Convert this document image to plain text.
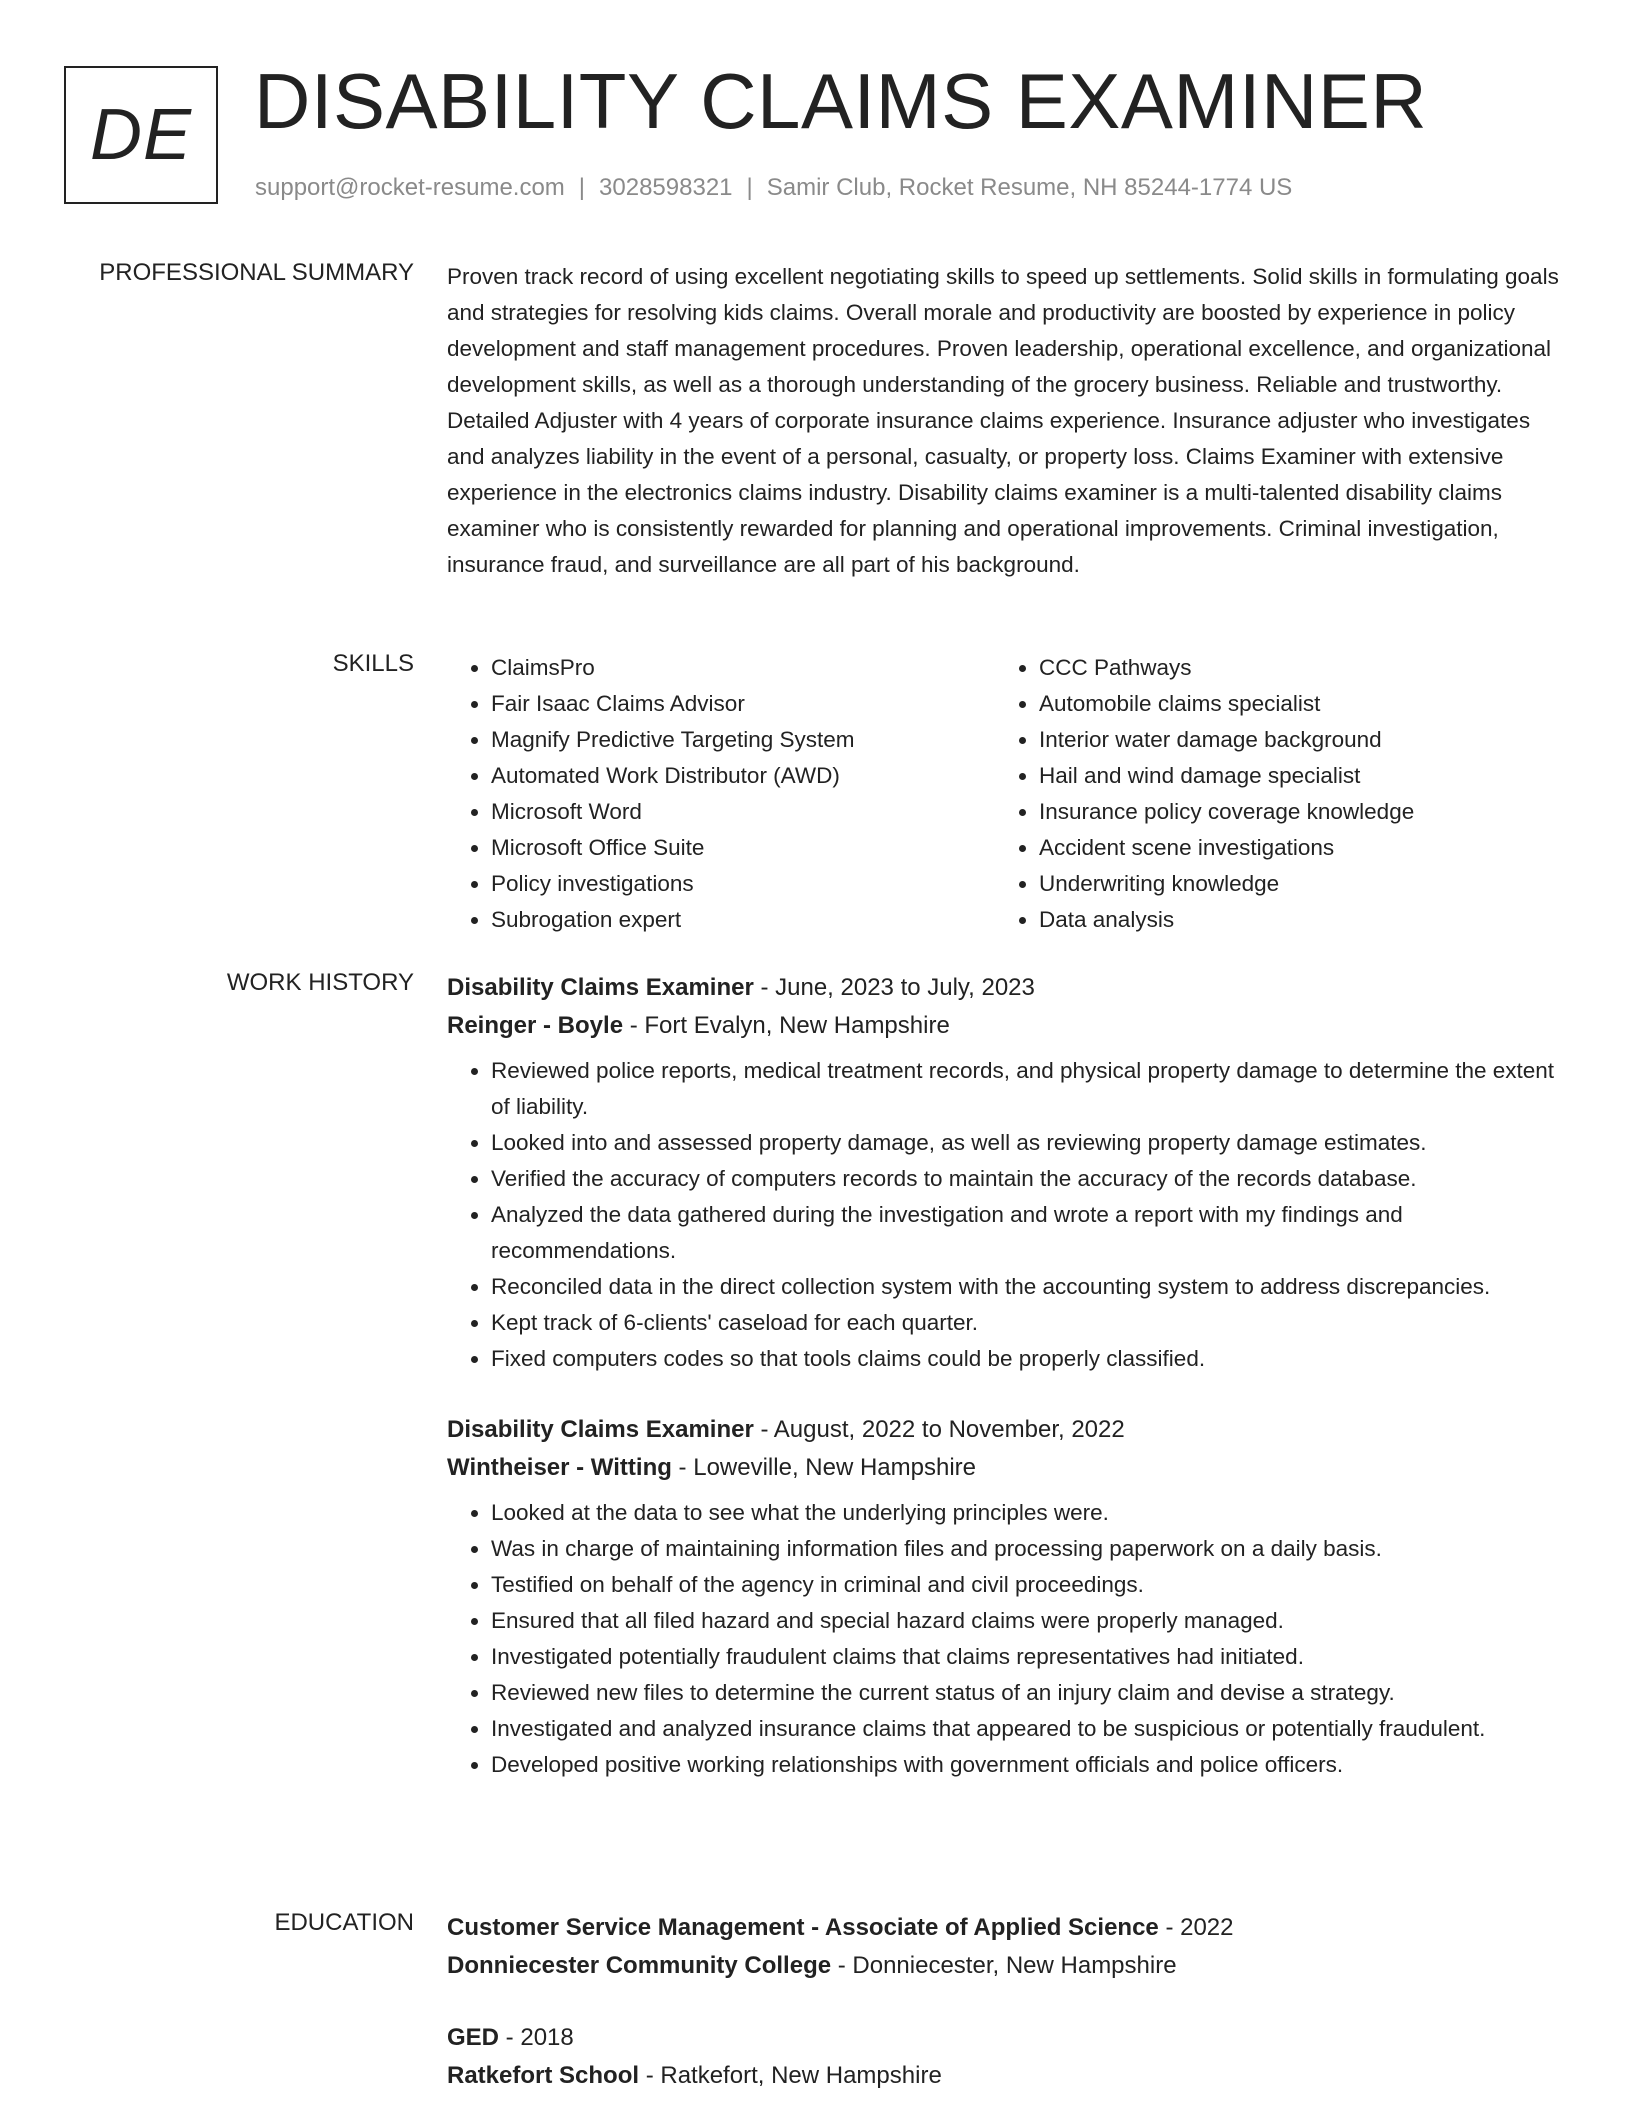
DE DISABILITY CLAIMS EXAMINER
support@rocket-resume.com | 3028598321 | Samir Club, Rocket Resume, NH 85244-1774 US
PROFESSIONAL SUMMARY Proven track record of using excellent negotiating skills to speed up settlements. Solid skills in formulating goals and strategies for resolving kids claims. Overall morale and productivity are boosted by experience in policy development and staff management procedures. Proven leadership, operational excellence, and organizational development skills, as well as a thorough understanding of the grocery business. Reliable and trustworthy. Detailed Adjuster with 4 years of corporate insurance claims experience. Insurance adjuster who investigates and analyzes liability in the event of a personal, casualty, or property loss. Claims Examiner with extensive experience in the electronics claims industry. Disability claims examiner is a multi-talented disability claims examiner who is consistently rewarded for planning and operational improvements. Criminal investigation, insurance fraud, and surveillance are all part of his background.

SKILLS
•	ClaimsPro
• Fair Isaac Claims Advisor
• Magnify Predictive Targeting System
• Automated Work Distributor (AWD)
• Microsoft Word
• Microsoft Office Suite
• Policy investigations
• Subrogation expert
• CCC Pathways
• Automobile claims specialist
• Interior water damage background
• Hail and wind damage specialist
• Insurance policy coverage knowledge
• Accident scene investigations
• Underwriting knowledge
• Data analysis
WORK HISTORY Disability Claims Examiner - June, 2023 to July, 2023
Reinger - Boyle - Fort Evalyn, New Hampshire
• Reviewed police reports, medical treatment records, and physical property damage to determine the extent of liability.
• Looked into and assessed property damage, as well as reviewing property damage estimates.
• Verified the accuracy of computers records to maintain the accuracy of the records database.
• Analyzed the data gathered during the investigation and wrote a report with my findings and recommendations.
• Reconciled data in the direct collection system with the accounting system to address discrepancies.
• Kept track of 6-clients' caseload for each quarter.
• Fixed computers codes so that tools claims could be properly classified.
Disability Claims Examiner - August, 2022 to November, 2022
Wintheiser - Witting - Loweville, New Hampshire
• Looked at the data to see what the underlying principles were.
• Was in charge of maintaining information files and processing paperwork on a daily basis.
• Testified on behalf of the agency in criminal and civil proceedings.
• Ensured that all filed hazard and special hazard claims were properly managed.
• Investigated potentially fraudulent claims that claims representatives had initiated.
• Reviewed new files to determine the current status of an injury claim and devise a strategy.
• Investigated and analyzed insurance claims that appeared to be suspicious or potentially fraudulent.
• Developed positive working relationships with government officials and police officers.
EDUCATION Customer Service Management - Associate of Applied Science - 2022
Donniecester Community College - Donniecester, New Hampshire
GED - 2018
Ratkefort School - Ratkefort, New Hampshire
